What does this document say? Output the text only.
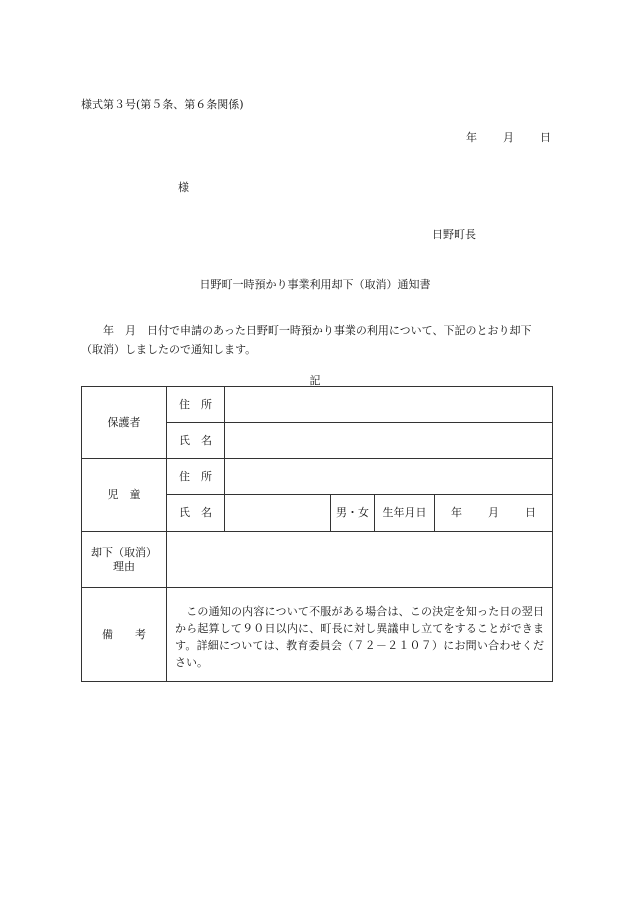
様式第３号(第５条、第６条関係)
年 月 日
様
日野町長
日野町一時預かり事業利用却下（取消）通知書
年　月　日付で申請のあった日野町一時預かり事業の利用について、下記のとおり却下（取消）しましたので通知します。
記
保護者	住　所				
	氏　名				
児　童	住　所				
	氏　名		男・女	生年月日	年 月 日

却下（取消）
理由					

備　　考	　この通知の内容について不服がある場合は、この決定を知った日の翌日から起算して９０日以内に、町長に対し異議申し立てをすることができます。詳細については、教育委員会（７２－２１０７）にお問い合わせください。				
